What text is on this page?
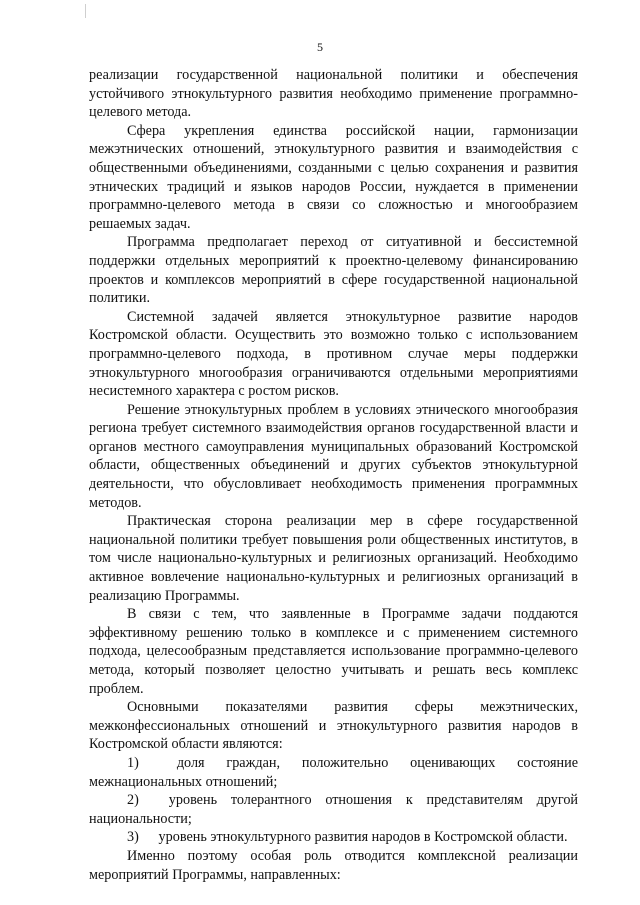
5

реализации государственной национальной политики и обеспечения устойчивого этнокультурного развития необходимо применение программно-целевого метода.

Сфера укрепления единства российской нации, гармонизации межэтнических отношений, этнокультурного развития и взаимодействия с общественными объединениями, созданными с целью сохранения и развития этнических традиций и языков народов России, нуждается в применении программно-целевого метода в связи со сложностью и многообразием решаемых задач.

Программа предполагает переход от ситуативной и бессистемной поддержки отдельных мероприятий к проектно-целевому финансированию проектов и комплексов мероприятий в сфере государственной национальной политики.

Системной задачей является этнокультурное развитие народов Костромской области. Осуществить это возможно только с использованием программно-целевого подхода, в противном случае меры поддержки этнокультурного многообразия ограничиваются отдельными мероприятиями несистемного характера с ростом рисков.

Решение этнокультурных проблем в условиях этнического многообразия региона требует системного взаимодействия органов государственной власти и органов местного самоуправления муниципальных образований Костромской области, общественных объединений и других субъектов этнокультурной деятельности, что обусловливает необходимость применения программных методов.

Практическая сторона реализации мер в сфере государственной национальной политики требует повышения роли общественных институтов, в том числе национально-культурных и религиозных организаций. Необходимо активное вовлечение национально-культурных и религиозных организаций в реализацию Программы.

В связи с тем, что заявленные в Программе задачи поддаются эффективному решению только в комплексе и с применением системного подхода, целесообразным представляется использование программно-целевого метода, который позволяет целостно учитывать и решать весь комплекс проблем.

Основными показателями развития сферы межэтнических, межконфессиональных отношений и этнокультурного развития народов в Костромской области являются:

1)	доля граждан, положительно оценивающих состояние межнациональных отношений;

2) уровень толерантного отношения к представителям другой национальности;

3) уровень этнокультурного развития народов в Костромской области.

Именно поэтому особая роль отводится комплексной реализации мероприятий Программы, направленных:
